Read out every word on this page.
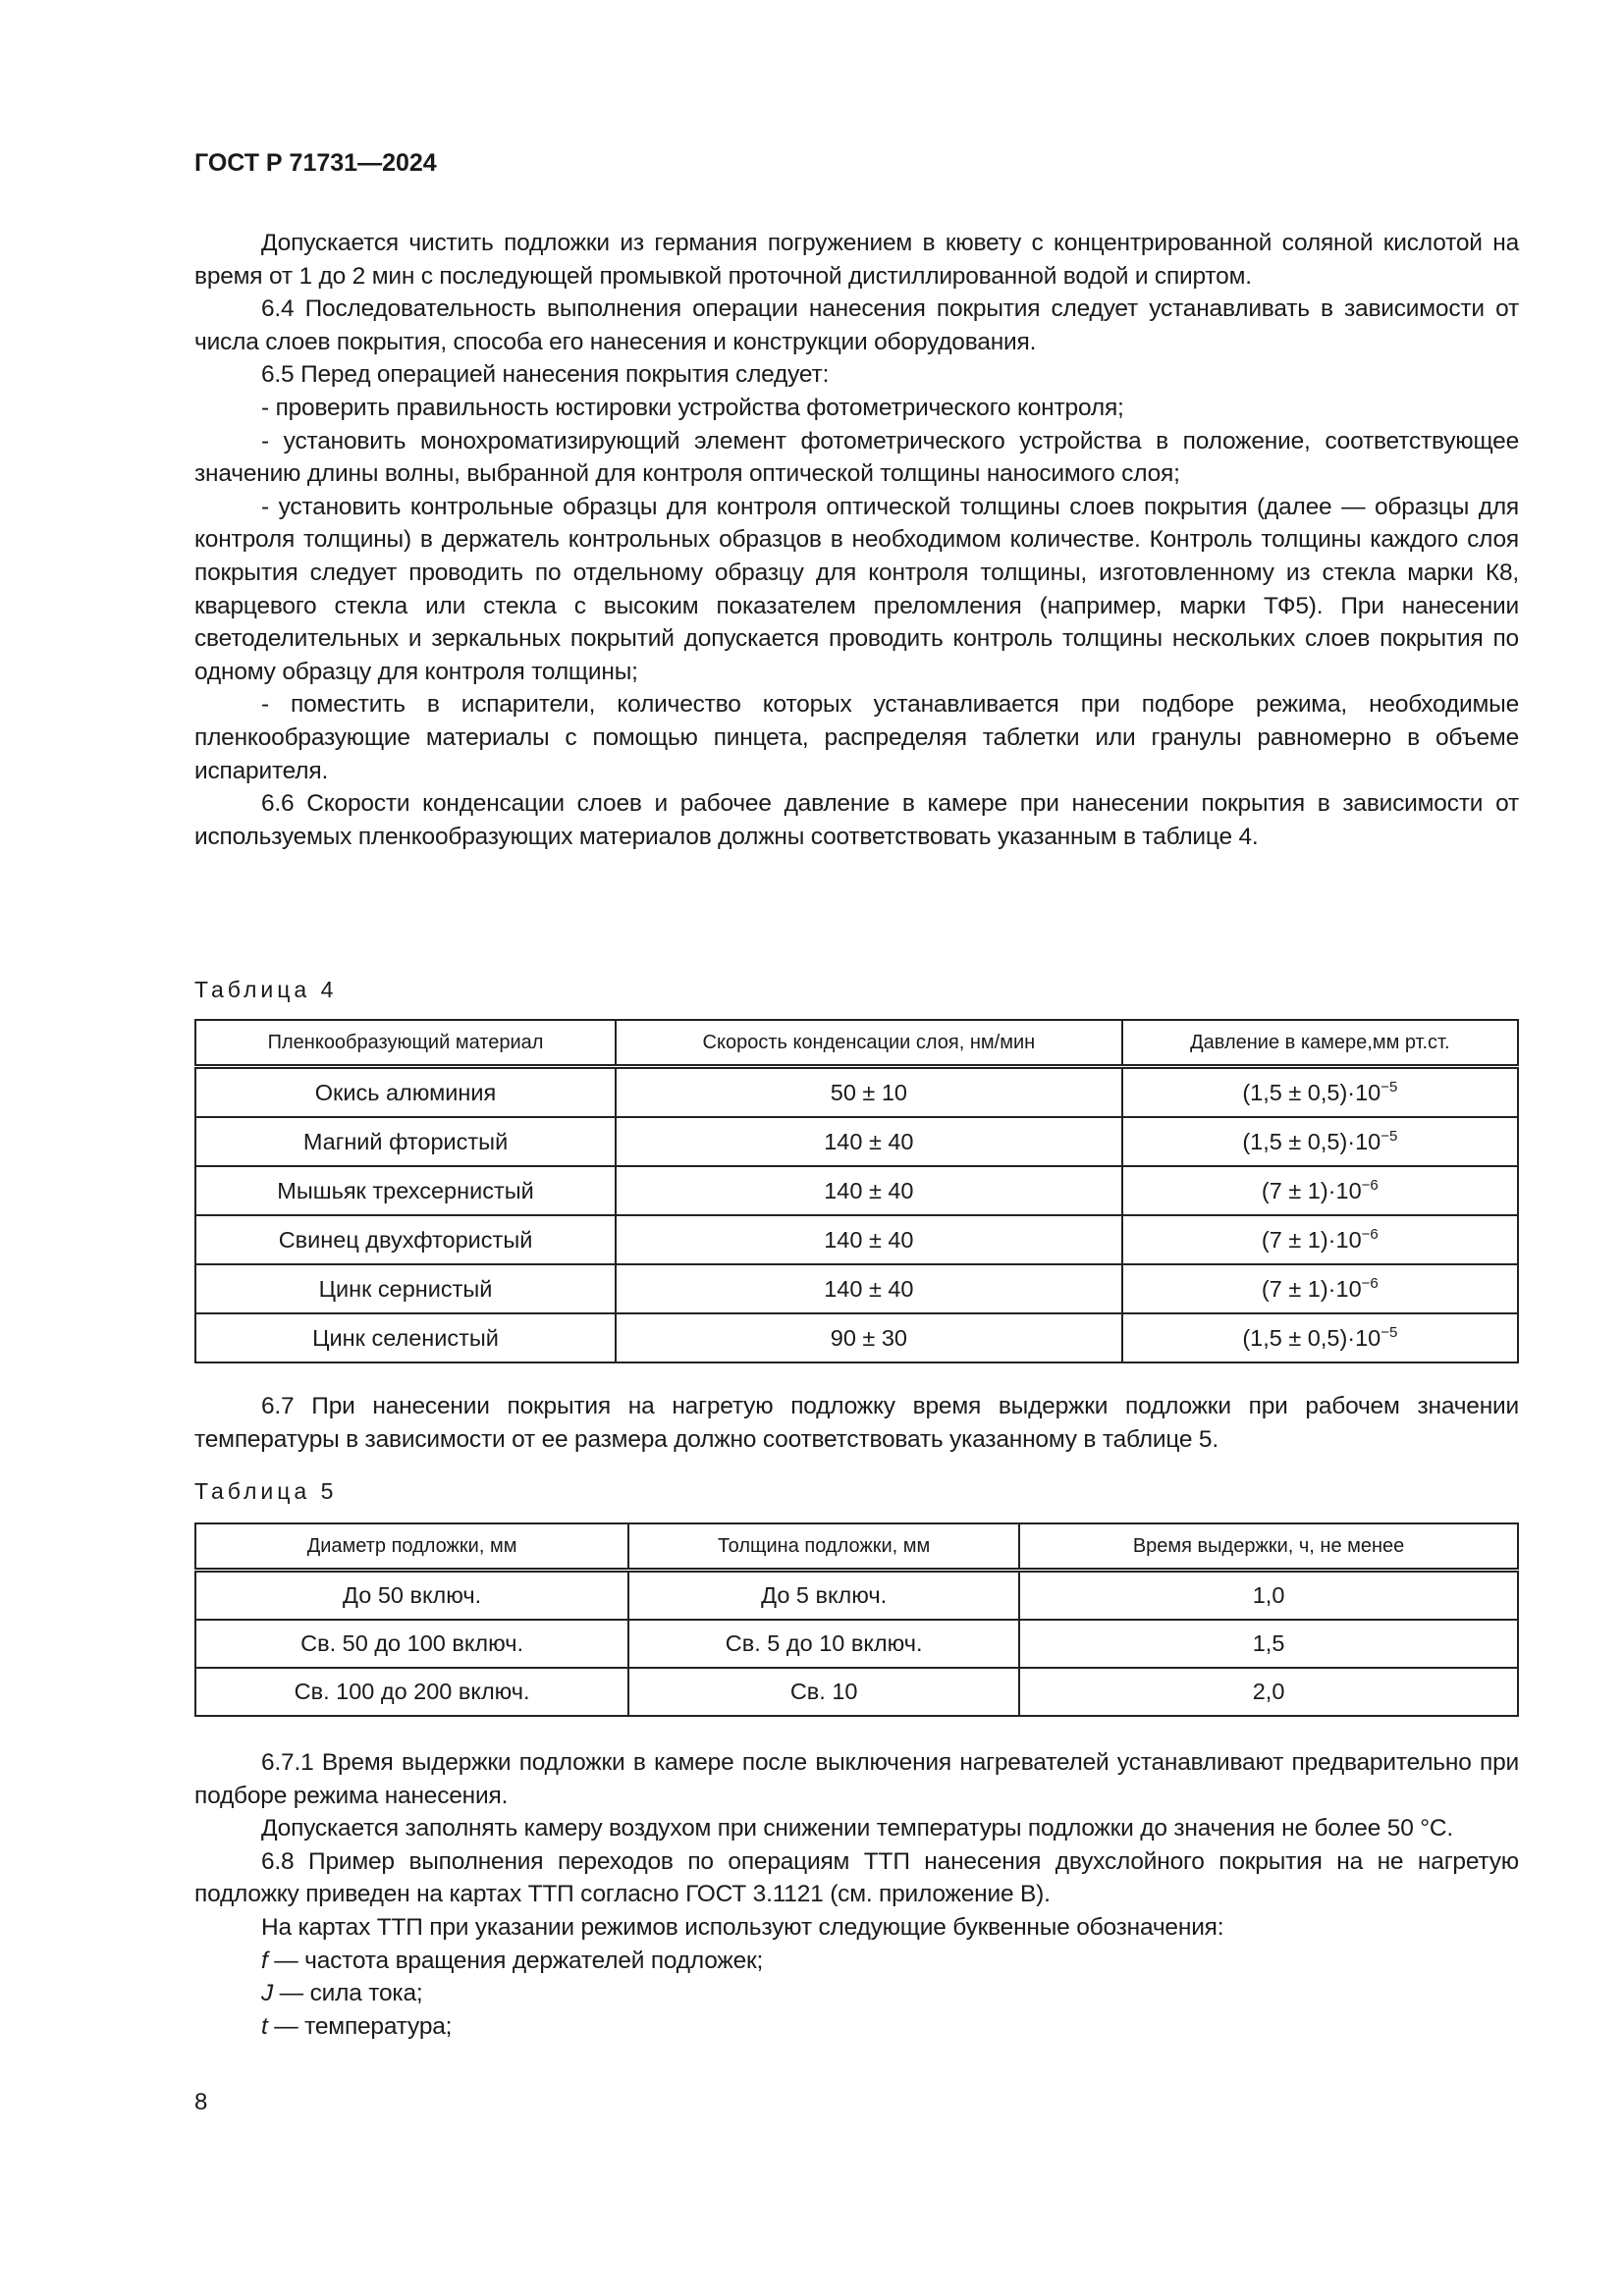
ГОСТ Р 71731—2024

Допускается чистить подложки из германия погружением в кювету с концентрированной соляной кислотой на время от 1 до 2 мин с последующей промывкой проточной дистиллированной водой и спиртом.

6.4 Последовательность выполнения операции нанесения покрытия следует устанавливать в зависимости от числа слоев покрытия, способа его нанесения и конструкции оборудования.

6.5 Перед операцией нанесения покрытия следует:

- проверить правильность юстировки устройства фотометрического контроля;

- установить монохроматизирующий элемент фотометрического устройства в положение, соответствующее значению длины волны, выбранной для контроля оптической толщины наносимого слоя;

- установить контрольные образцы для контроля оптической толщины слоев покрытия (далее — образцы для контроля толщины) в держатель контрольных образцов в необходимом количестве. Контроль толщины каждого слоя покрытия следует проводить по отдельному образцу для контроля толщины, изготовленному из стекла марки К8, кварцевого стекла или стекла с высоким показателем преломления (например, марки ТФ5). При нанесении светоделительных и зеркальных покрытий допускается проводить контроль толщины нескольких слоев покрытия по одному образцу для контроля толщины;

- поместить в испарители, количество которых устанавливается при подборе режима, необходимые пленкообразующие материалы с помощью пинцета, распределяя таблетки или гранулы равномерно в объеме испарителя.

6.6 Скорости конденсации слоев и рабочее давление в камере при нанесении покрытия в зависимости от используемых пленкообразующих материалов должны соответствовать указанным в таблице 4.

Таблица 4
Пленкообразующий материал	Скорость конденсации слоя, нм/мин	Давление в камере,мм рт.ст.
Окись алюминия	50 ± 10	$(1,5 \pm 0,5)\cdot 10^{-5}$
Магний фтористый	140 ± 40	$(1,5 \pm 0,5)\cdot 10^{-5}$
Мышьяк трехсернистый	140 ± 40	$(7 \pm 1)\cdot 10^{-6}$
Свинец двухфтористый	140 ± 40	$(7 \pm 1)\cdot 10^{-6}$
Цинк сернистый	140 ± 40	$(7 \pm 1)\cdot 10^{-6}$
Цинк селенистый	90 ± 30	$(1,5 \pm 0,5)\cdot 10^{-5}$

6.7 При нанесении покрытия на нагретую подложку время выдержки подложки при рабочем значении температуры в зависимости от ее размера должно соответствовать указанному в таблице 5.

Таблица 5
Диаметр подложки, мм	Толщина подложки, мм	Время выдержки, ч, не менее
До 50 включ.	До 5 включ.	1,0
Св. 50 до 100 включ.	Св. 5 до 10 включ.	1,5
Св. 100 до 200 включ.	Св. 10	2,0

6.7.1 Время выдержки подложки в камере после выключения нагревателей устанавливают предварительно при подборе режима нанесения.

Допускается заполнять камеру воздухом при снижении температуры подложки до значения не более 50 °С.

6.8 Пример выполнения переходов по операциям ТТП нанесения двухслойного покрытия на не нагретую подложку приведен на картах ТТП согласно ГОСТ 3.1121 (см. приложение В).

На картах ТТП при указании режимов используют следующие буквенные обозначения:

f — частота вращения держателей подложек;

J — сила тока;

t — температура;

8
